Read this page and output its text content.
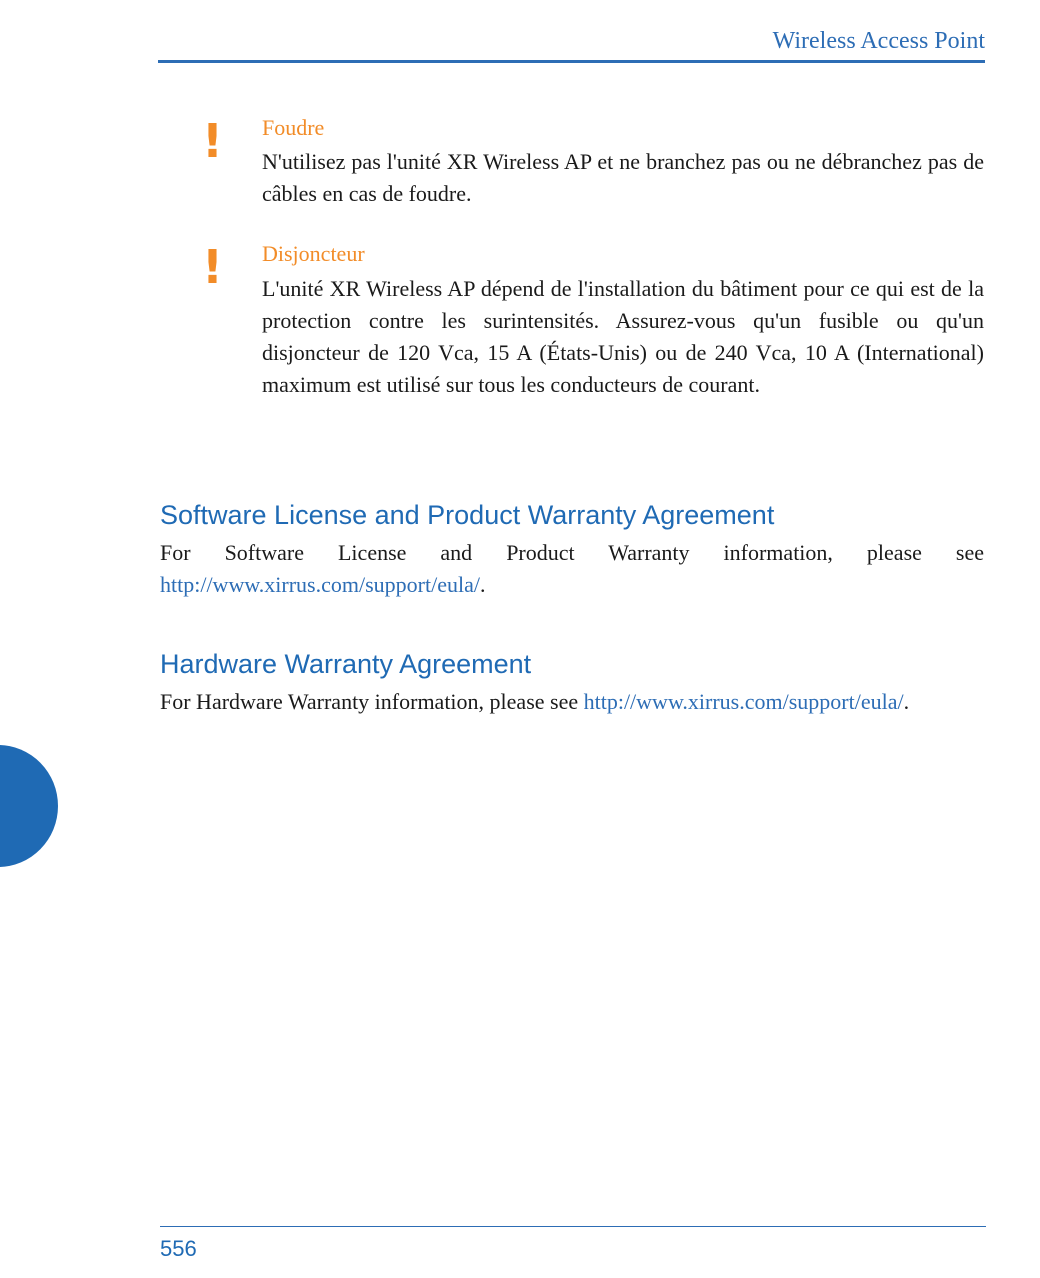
Wireless Access Point
! Foudre
N'utilisez pas l'unité XR Wireless AP et ne branchez pas ou ne débranchez pas de câbles en cas de foudre.
! Disjoncteur
L'unité XR Wireless AP dépend de l'installation du bâtiment pour ce qui est de la protection contre les surintensités. Assurez-vous qu'un fusible ou qu'un disjoncteur de 120 Vca, 15 A (États-Unis) ou de 240 Vca, 10 A (International) maximum est utilisé sur tous les conducteurs de courant.
Software License and Product Warranty Agreement
For Software License and Product Warranty information, please see http://www.xirrus.com/support/eula/.
Hardware Warranty Agreement
For Hardware Warranty information, please see http://www.xirrus.com/support/eula/.
556
